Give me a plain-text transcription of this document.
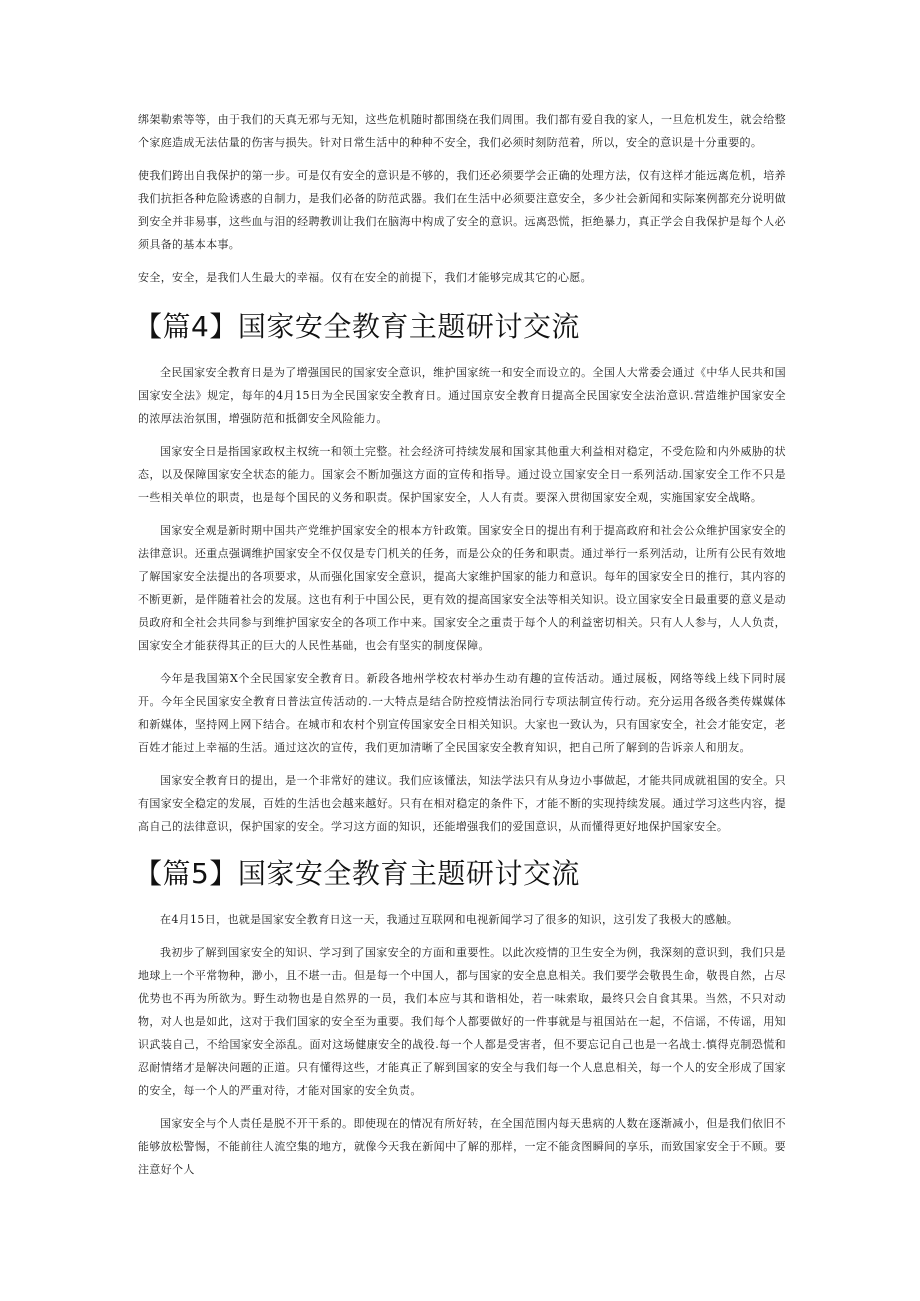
绑架勒索等等，由于我们的天真无邪与无知，这些危机随时都围绕在我们周围。我们都有爱自我的家人，一旦危机发生，就会给整个家庭造成无法估量的伤害与损失。针对日常生活中的种种不安全，我们必须时刻防范着，所以，安全的意识是十分重要的。

使我们跨出自我保护的第一步。可是仅有安全的意识是不够的，我们还必须要学会正确的处理方法，仅有这样才能远离危机，培养我们抗拒各种危险诱惑的自制力，是我们必备的防范武器。我们在生活中必须要注意安全，多少社会新闻和实际案例都充分说明做到安全并非易事，这些血与泪的经聘教训让我们在脑海中构成了安全的意识。远离恐慌，拒绝暴力，真正学会自我保护是每个人必须具备的基本本事。

安全，安全，是我们人生最大的幸福。仅有在安全的前提下，我们才能够完成其它的心愿。

【篇4】国家安全教育主题研讨交流

全民国家安全教育日是为了增强国民的国家安全意识，维护国家统一和安全而设立的。全国人大常委会通过《中华人民共和国国家安全法》规定，每年的4月15日为全民国家安全教育日。通过国京安全教育日提高全民国家安全法治意识.营造维护国家安全的浓厚法治氛围，增强防范和抵御安全风险能力。

国家安全日是指国家政权主权统一和领土完整。社会经济可持续发展和国家其他重大利益相对稳定，不受危险和内外威胁的状态，以及保障国家安全状态的能力。国家会不断加强这方面的宣传和指导。通过设立国家安全日一系列活动.国家安全工作不只是一些相关单位的职责，也是每个国民的义务和职责。保护国家安全，人人有责。要深入贯彻国家安全观，实施国家安全战略。

国家安全观是新时期中国共产党维护国家安全的根本方针政策。国家安全日的提出有利于提高政府和社会公众维护国家安全的法律意识。还重点强调维护国家安全不仅仅是专门机关的任务，而是公众的任务和职责。通过举行一系列活动，让所有公民有效地了解国家安全法提出的各项要求，从而强化国家安全意识，提高大家维护国家的能力和意识。每年的国家安全日的推行，其内容的不断更新，是伴随着社会的发展。这也有利于中国公民，更有效的提高国家安全法等相关知识。设立国家安全日最重要的意义是动员政府和全社会共同参与到维护国家安全的各项工作中来。国家安全之重责于每个人的利益密切相关。只有人人参与，人人负责，国家安全才能获得其正的巨大的人民性基础，也会有坚实的制度保障。

今年是我国第X个全民国家安全教育日。新段各地州学校农村举办生动有趣的宣传活动。通过展板，网络等线上线下同时展开。今年全民国家安全教育日普法宣传活动的.一大特点是结合防控疫情法治同行专项法制宣传行动。充分运用各级各类传媒媒体和新媒体，坚持网上网下结合。在城市和农村个别宣传国家安全日相关知识。大家也一致认为，只有国家安全，社会才能安定，老百姓才能过上幸福的生活。通过这次的宣传，我们更加清晰了全民国家安全教育知识，把自己所了解到的告诉亲人和朋友。

国家安全教育日的提出，是一个非常好的建议。我们应该懂法，知法学法只有从身边小事做起，才能共同成就祖国的安全。只有国家安全稳定的发展，百姓的生活也会越来越好。只有在相对稳定的条件下，才能不断的实现持续发展。通过学习这些内容，提高自己的法律意识，保护国家的安全。学习这方面的知识，还能增强我们的爱国意识，从而懂得更好地保护国家安全。

【篇5】国家安全教育主题研讨交流

在4月15日，也就是国家安全教育日这一天，我通过互联网和电视新闻学习了很多的知识，这引发了我极大的感触。

我初步了解到国家安全的知识、学习到了国家安全的方面和重要性。以此次疫情的卫生安全为例，我深刻的意识到，我们只是地球上一个平常物种，渺小，且不堪一击。但是每一个中国人，都与国家的安全息息相关。我们要学会敬畏生命，敬畏自然，占尽优势也不再为所欲为。野生动物也是自然界的一员，我们本应与其和谐相处，若一味索取，最终只会自食其果。当然，不只对动物，对人也是如此，这对于我们国家的安全至为重要。我们每个人都要做好的一件事就是与祖国站在一起，不信谣，不传谣，用知识武装自己，不给国家安全添乱。面对这场健康安全的战役.每一个人都是受害者，但不要忘记自己也是一名战士.慎得克制恐慌和忍耐情绪才是解决问题的正道。只有懂得这些，才能真正了解到国家的安全与我们每一个人息息相关，每一个人的安全形成了国家的安全，每一个人的严重对待，才能对国家的安全负责。

国家安全与个人责任是脱不开干系的。即使现在的情况有所好转，在全国范围内每天患病的人数在逐渐减小，但是我们依旧不能够放松警惕，不能前往人流空集的地方，就像今天我在新闻中了解的那样，一定不能贪图瞬间的享乐，而致国家安全于不顾。要注意好个人
